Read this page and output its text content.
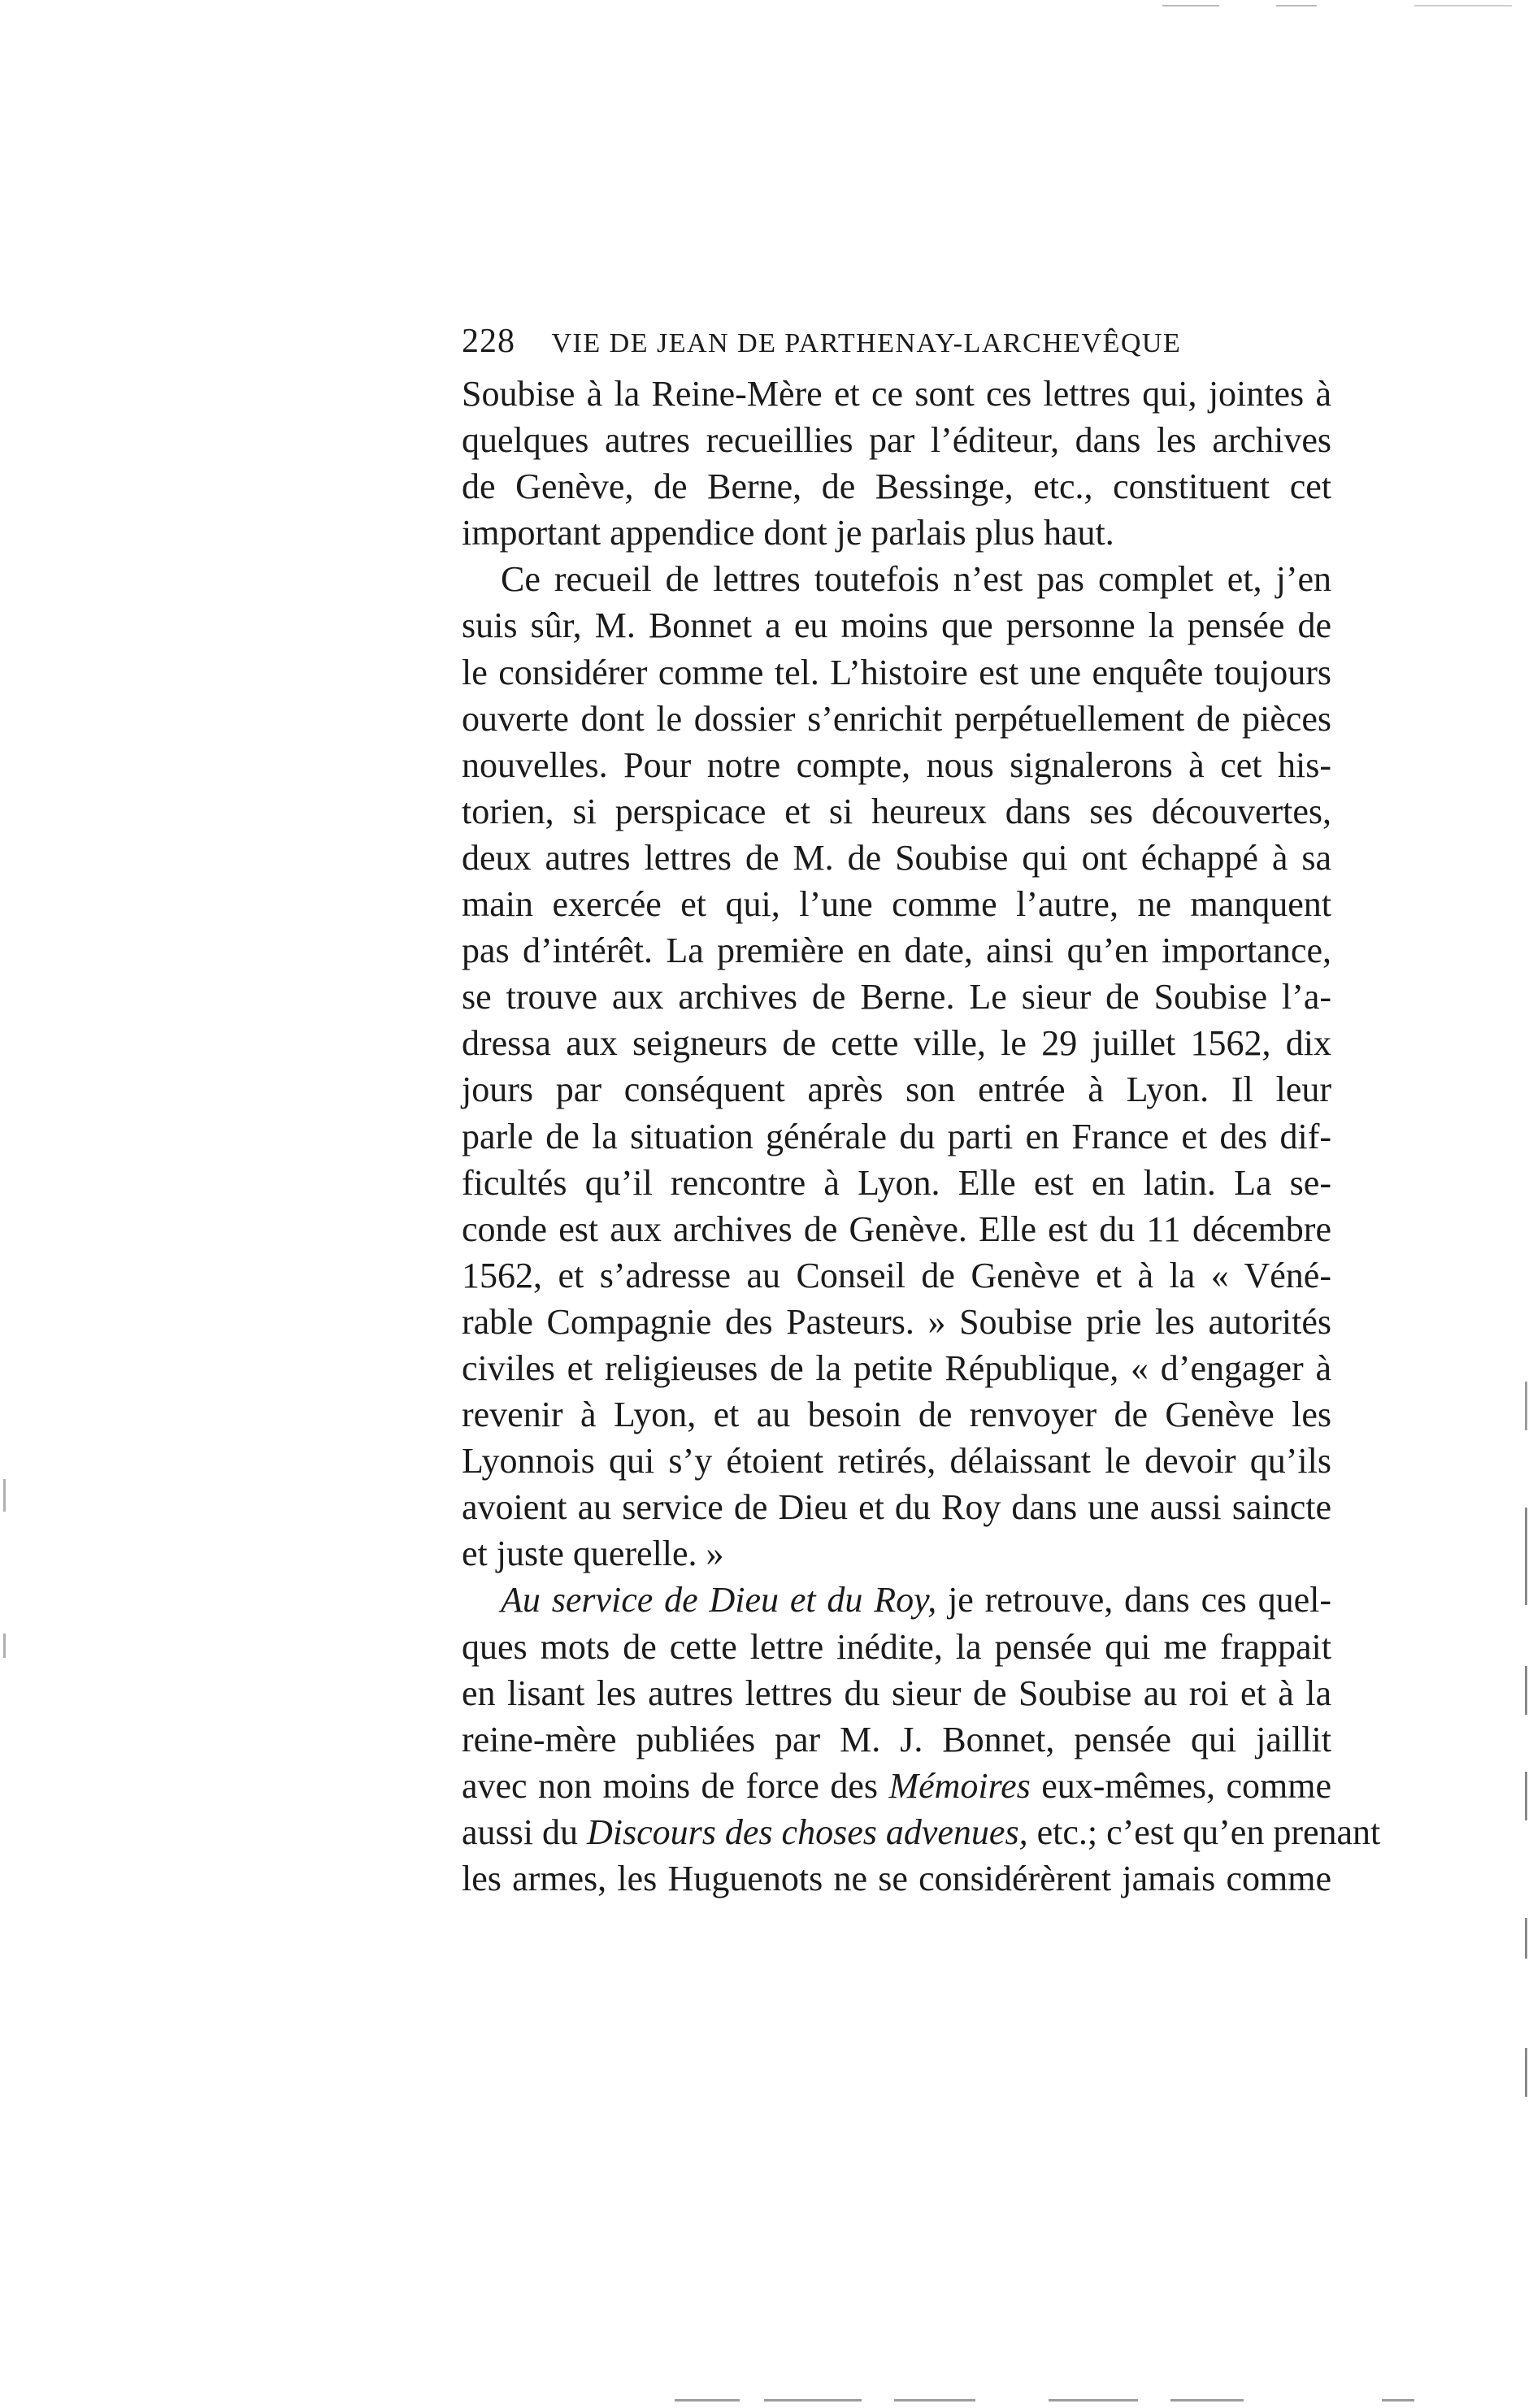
228 VIE DE JEAN DE PARTHENAY-LARCHEVÊQUE
Soubise à la Reine-Mère et ce sont ces lettres qui, jointes à
quelques autres recueillies par l’éditeur, dans les archives
de Genève, de Berne, de Bessinge, etc., constituent cet
important appendice dont je parlais plus haut.
Ce recueil de lettres toutefois n’est pas complet et, j’en
suis sûr, M. Bonnet a eu moins que personne la pensée de
le considérer comme tel. L’histoire est une enquête toujours
ouverte dont le dossier s’enrichit perpétuellement de pièces
nouvelles. Pour notre compte, nous signalerons à cet his-
torien, si perspicace et si heureux dans ses découvertes,
deux autres lettres de M. de Soubise qui ont échappé à sa
main exercée et qui, l’une comme l’autre, ne manquent
pas d’intérêt. La première en date, ainsi qu’en importance,
se trouve aux archives de Berne. Le sieur de Soubise l’a-
dressa aux seigneurs de cette ville, le 29 juillet 1562, dix
jours par conséquent après son entrée à Lyon. Il leur
parle de la situation générale du parti en France et des dif-
ficultés qu’il rencontre à Lyon. Elle est en latin. La se-
conde est aux archives de Genève. Elle est du 11 décembre
1562, et s’adresse au Conseil de Genève et à la « Véné-
rable Compagnie des Pasteurs. » Soubise prie les autorités
civiles et religieuses de la petite République, « d’engager à
revenir à Lyon, et au besoin de renvoyer de Genève les
Lyonnois qui s’y étoient retirés, délaissant le devoir qu’ils
avoient au service de Dieu et du Roy dans une aussi saincte
et juste querelle. »
Au service de Dieu et du Roy, je retrouve, dans ces quel-
ques mots de cette lettre inédite, la pensée qui me frappait
en lisant les autres lettres du sieur de Soubise au roi et à la
reine-mère publiées par M. J. Bonnet, pensée qui jaillit
avec non moins de force des Mémoires eux-mêmes, comme
aussi du Discours des choses advenues, etc.; c’est qu’en prenant
les armes, les Huguenots ne se considérèrent jamais comme
